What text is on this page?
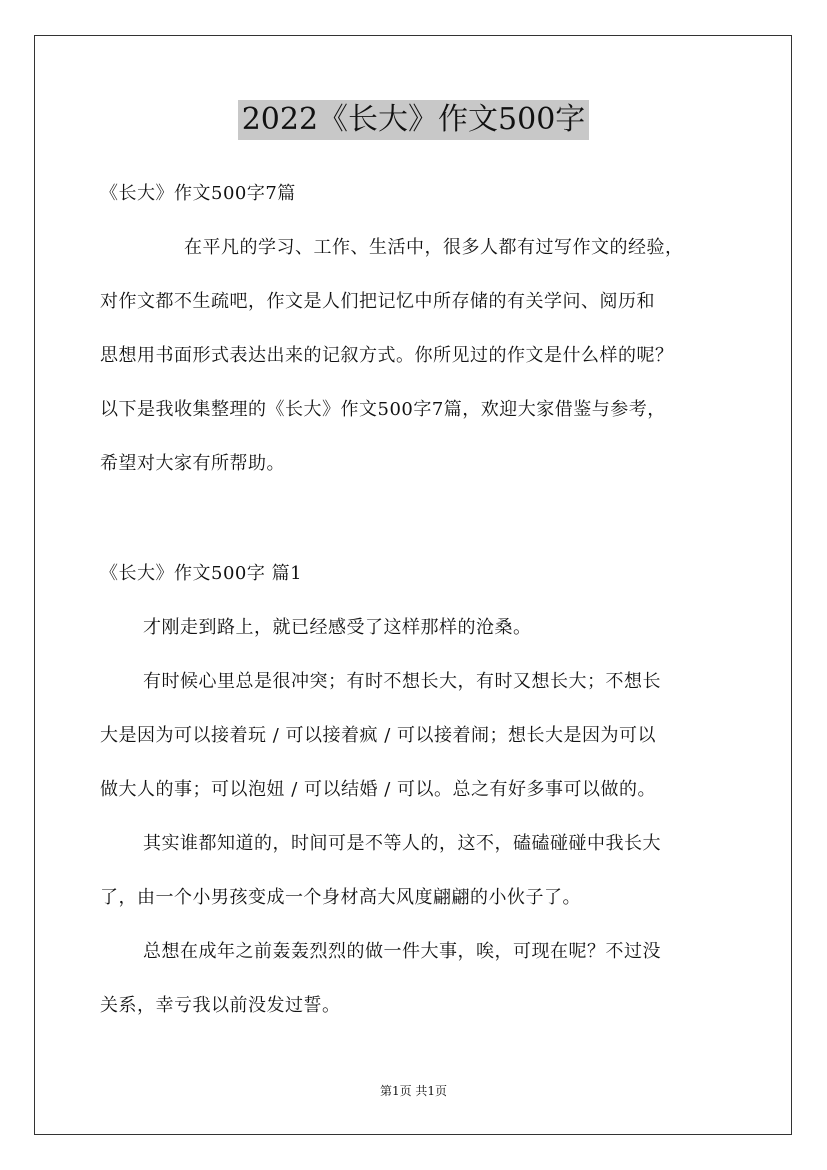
2022《长大》作文500字
《长大》作文500字7篇
在平凡的学习、工作、生活中，很多人都有过写作文的经验，
对作文都不生疏吧，作文是人们把记忆中所存储的有关学问、阅历和
思想用书面形式表达出来的记叙方式。你所见过的作文是什么样的呢？
以下是我收集整理的《长大》作文500字7篇，欢迎大家借鉴与参考，
希望对大家有所帮助。
《长大》作文500字 篇1
才刚走到路上，就已经感受了这样那样的沧桑。
有时候心里总是很冲突；有时不想长大，有时又想长大；不想长
大是因为可以接着玩 / 可以接着疯 / 可以接着闹；想长大是因为可以
做大人的事；可以泡妞 / 可以结婚 / 可以。总之有好多事可以做的。
其实谁都知道的，时间可是不等人的，这不，磕磕碰碰中我长大
了，由一个小男孩变成一个身材高大风度翩翩的小伙子了。
总想在成年之前轰轰烈烈的做一件大事，唉，可现在呢？不过没
关系，幸亏我以前没发过誓。
第1页 共1页
